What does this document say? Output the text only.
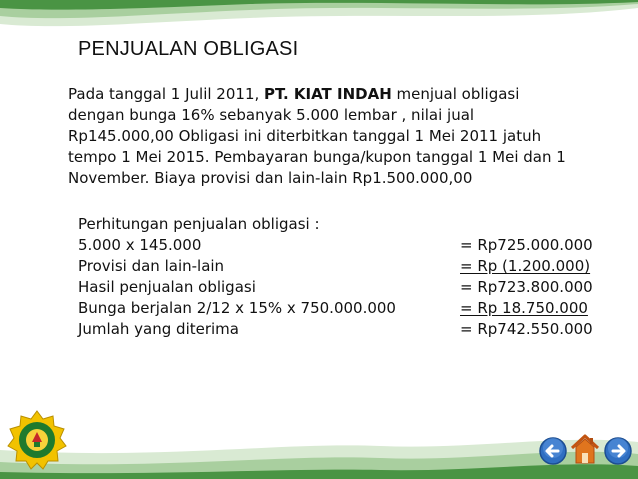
PENJUALAN OBLIGASI
Pada tanggal 1 Julil 2011, PT. KIAT INDAH menjual obligasi
dengan bunga 16% sebanyak 5.000 lembar , nilai jual
Rp145.000,00 Obligasi ini diterbitkan tanggal 1 Mei 2011 jatuh
tempo 1 Mei 2015. Pembayaran bunga/kupon tanggal 1 Mei dan 1
November. Biaya provisi dan lain-lain Rp1.500.000,00
Perhitungan penjualan obligasi :
5.000 x 145.000	= Rp725.000.000
Provisi dan lain-lain	= Rp (1.200.000)
Hasil penjualan obligasi	= Rp723.800.000
Bunga berjalan 2/12 x 15% x 750.000.000	= Rp 18.750.000
Jumlah yang diterima	= Rp742.550.000
